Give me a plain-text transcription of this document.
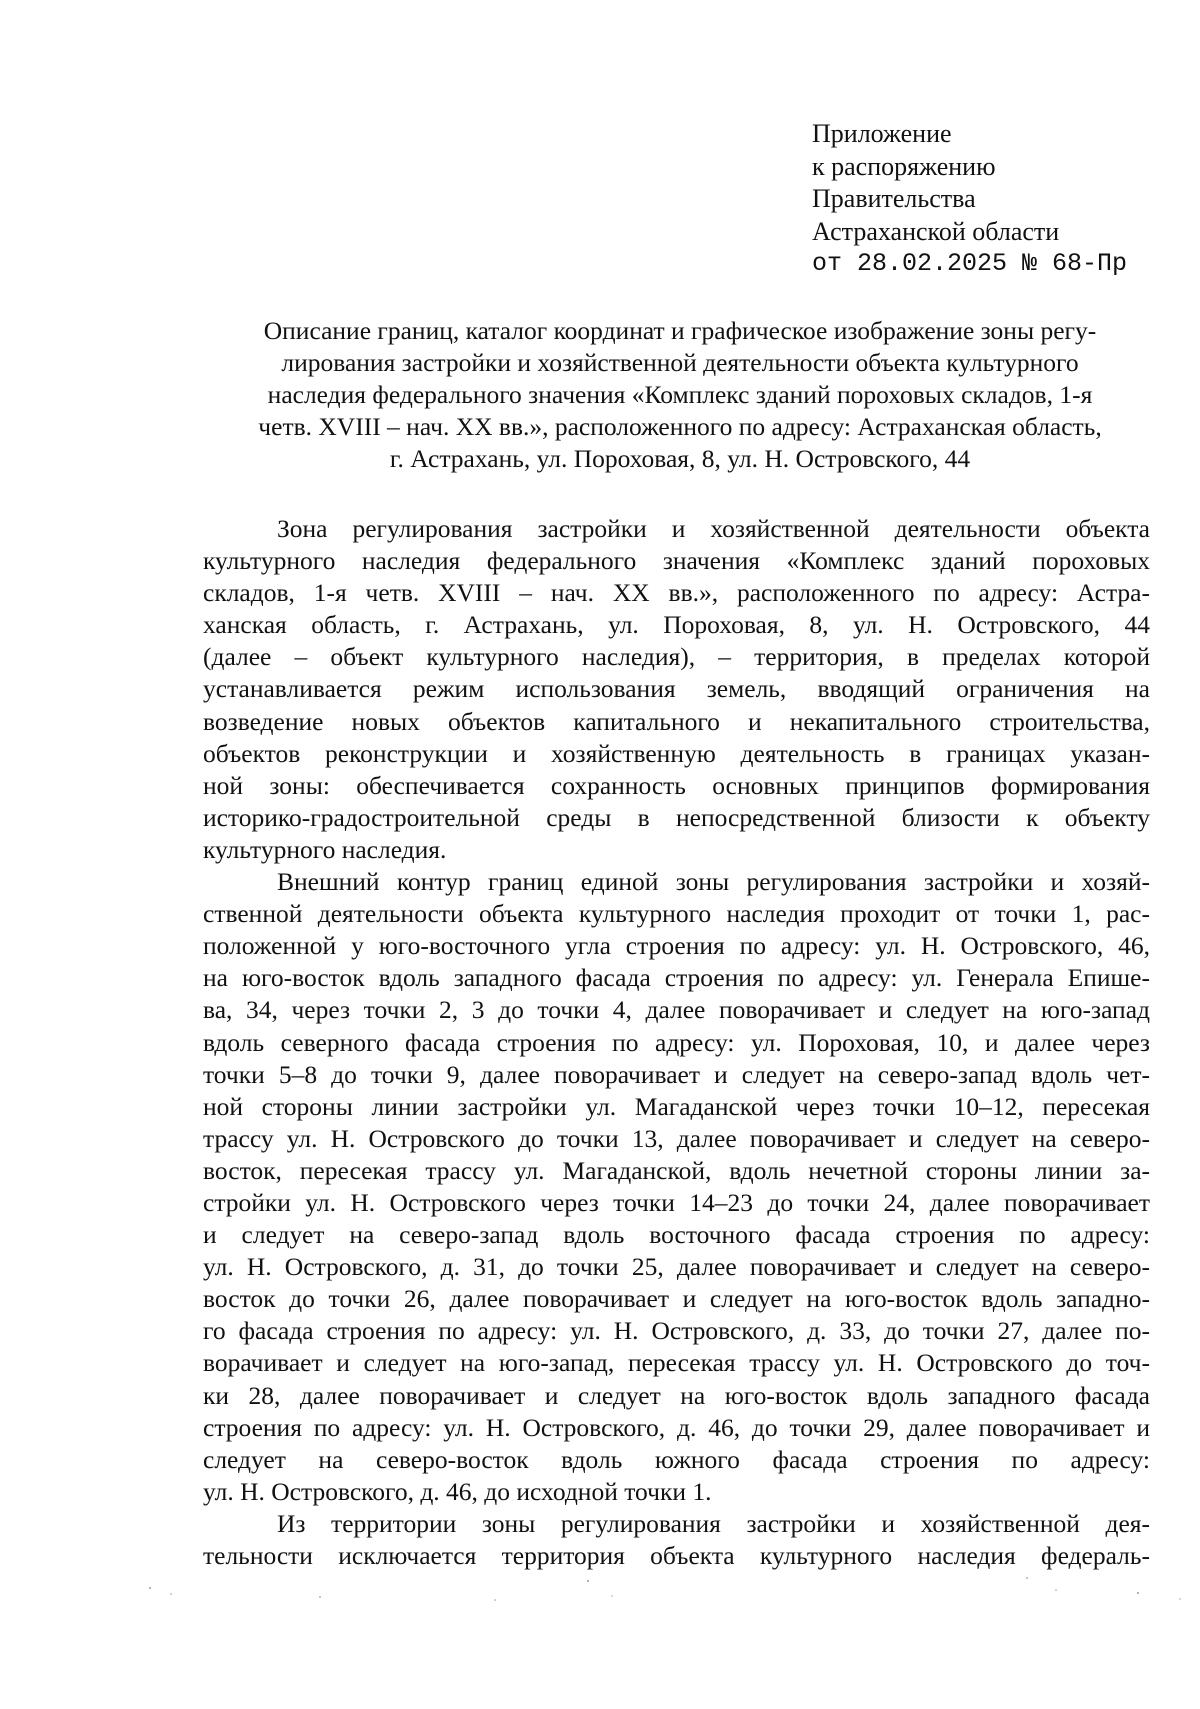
Приложение
к распоряжению
Правительства
Астраханской области
от 28.02.2025 № 68-Пр
Описание границ, каталог координат и графическое изображение зоны регу-
лирования застройки и хозяйственной деятельности объекта культурного
наследия федерального значения «Комплекс зданий пороховых складов, 1-я
четв. XVIII – нач. XX вв.», расположенного по адресу: Астраханская область,
г. Астрахань, ул. Пороховая, 8, ул. Н. Островского, 44
Зона регулирования застройки и хозяйственной деятельности объекта
культурного наследия федерального значения «Комплекс зданий пороховых
складов, 1-я четв. XVIII – нач. XX вв.», расположенного по адресу: Астра-
ханская область, г. Астрахань, ул. Пороховая, 8, ул. Н. Островского, 44
(далее – объект культурного наследия), – территория, в пределах которой
устанавливается режим использования земель, вводящий ограничения на
возведение новых объектов капитального и некапитального строительства,
объектов реконструкции и хозяйственную деятельность в границах указан-
ной зоны: обеспечивается сохранность основных принципов формирования
историко-градостроительной среды в непосредственной близости к объекту
культурного наследия.
Внешний контур границ единой зоны регулирования застройки и хозяй-
ственной деятельности объекта культурного наследия проходит от точки 1, рас-
положенной у юго-восточного угла строения по адресу: ул. Н. Островского, 46,
на юго-восток вдоль западного фасада строения по адресу: ул. Генерала Епише-
ва, 34, через точки 2, 3 до точки 4, далее поворачивает и следует на юго-запад
вдоль северного фасада строения по адресу: ул. Пороховая, 10, и далее через
точки 5–8 до точки 9, далее поворачивает и следует на северо-запад вдоль чет-
ной стороны линии застройки ул. Магаданской через точки 10–12, пересекая
трассу ул. Н. Островского до точки 13, далее поворачивает и следует на северо-
восток, пересекая трассу ул. Магаданской, вдоль нечетной стороны линии за-
стройки ул. Н. Островского через точки 14–23 до точки 24, далее поворачивает
и следует на северо-запад вдоль восточного фасада строения по адресу:
ул. Н. Островского, д. 31, до точки 25, далее поворачивает и следует на северо-
восток до точки 26, далее поворачивает и следует на юго-восток вдоль западно-
го фасада строения по адресу: ул. Н. Островского, д. 33, до точки 27, далее по-
ворачивает и следует на юго-запад, пересекая трассу ул. Н. Островского до точ-
ки 28, далее поворачивает и следует на юго-восток вдоль западного фасада
строения по адресу: ул. Н. Островского, д. 46, до точки 29, далее поворачивает и
следует на северо-восток вдоль южного фасада строения по адресу:
ул. Н. Островского, д. 46, до исходной точки 1.
Из территории зоны регулирования застройки и хозяйственной дея-
тельности исключается территория объекта культурного наследия федераль-
